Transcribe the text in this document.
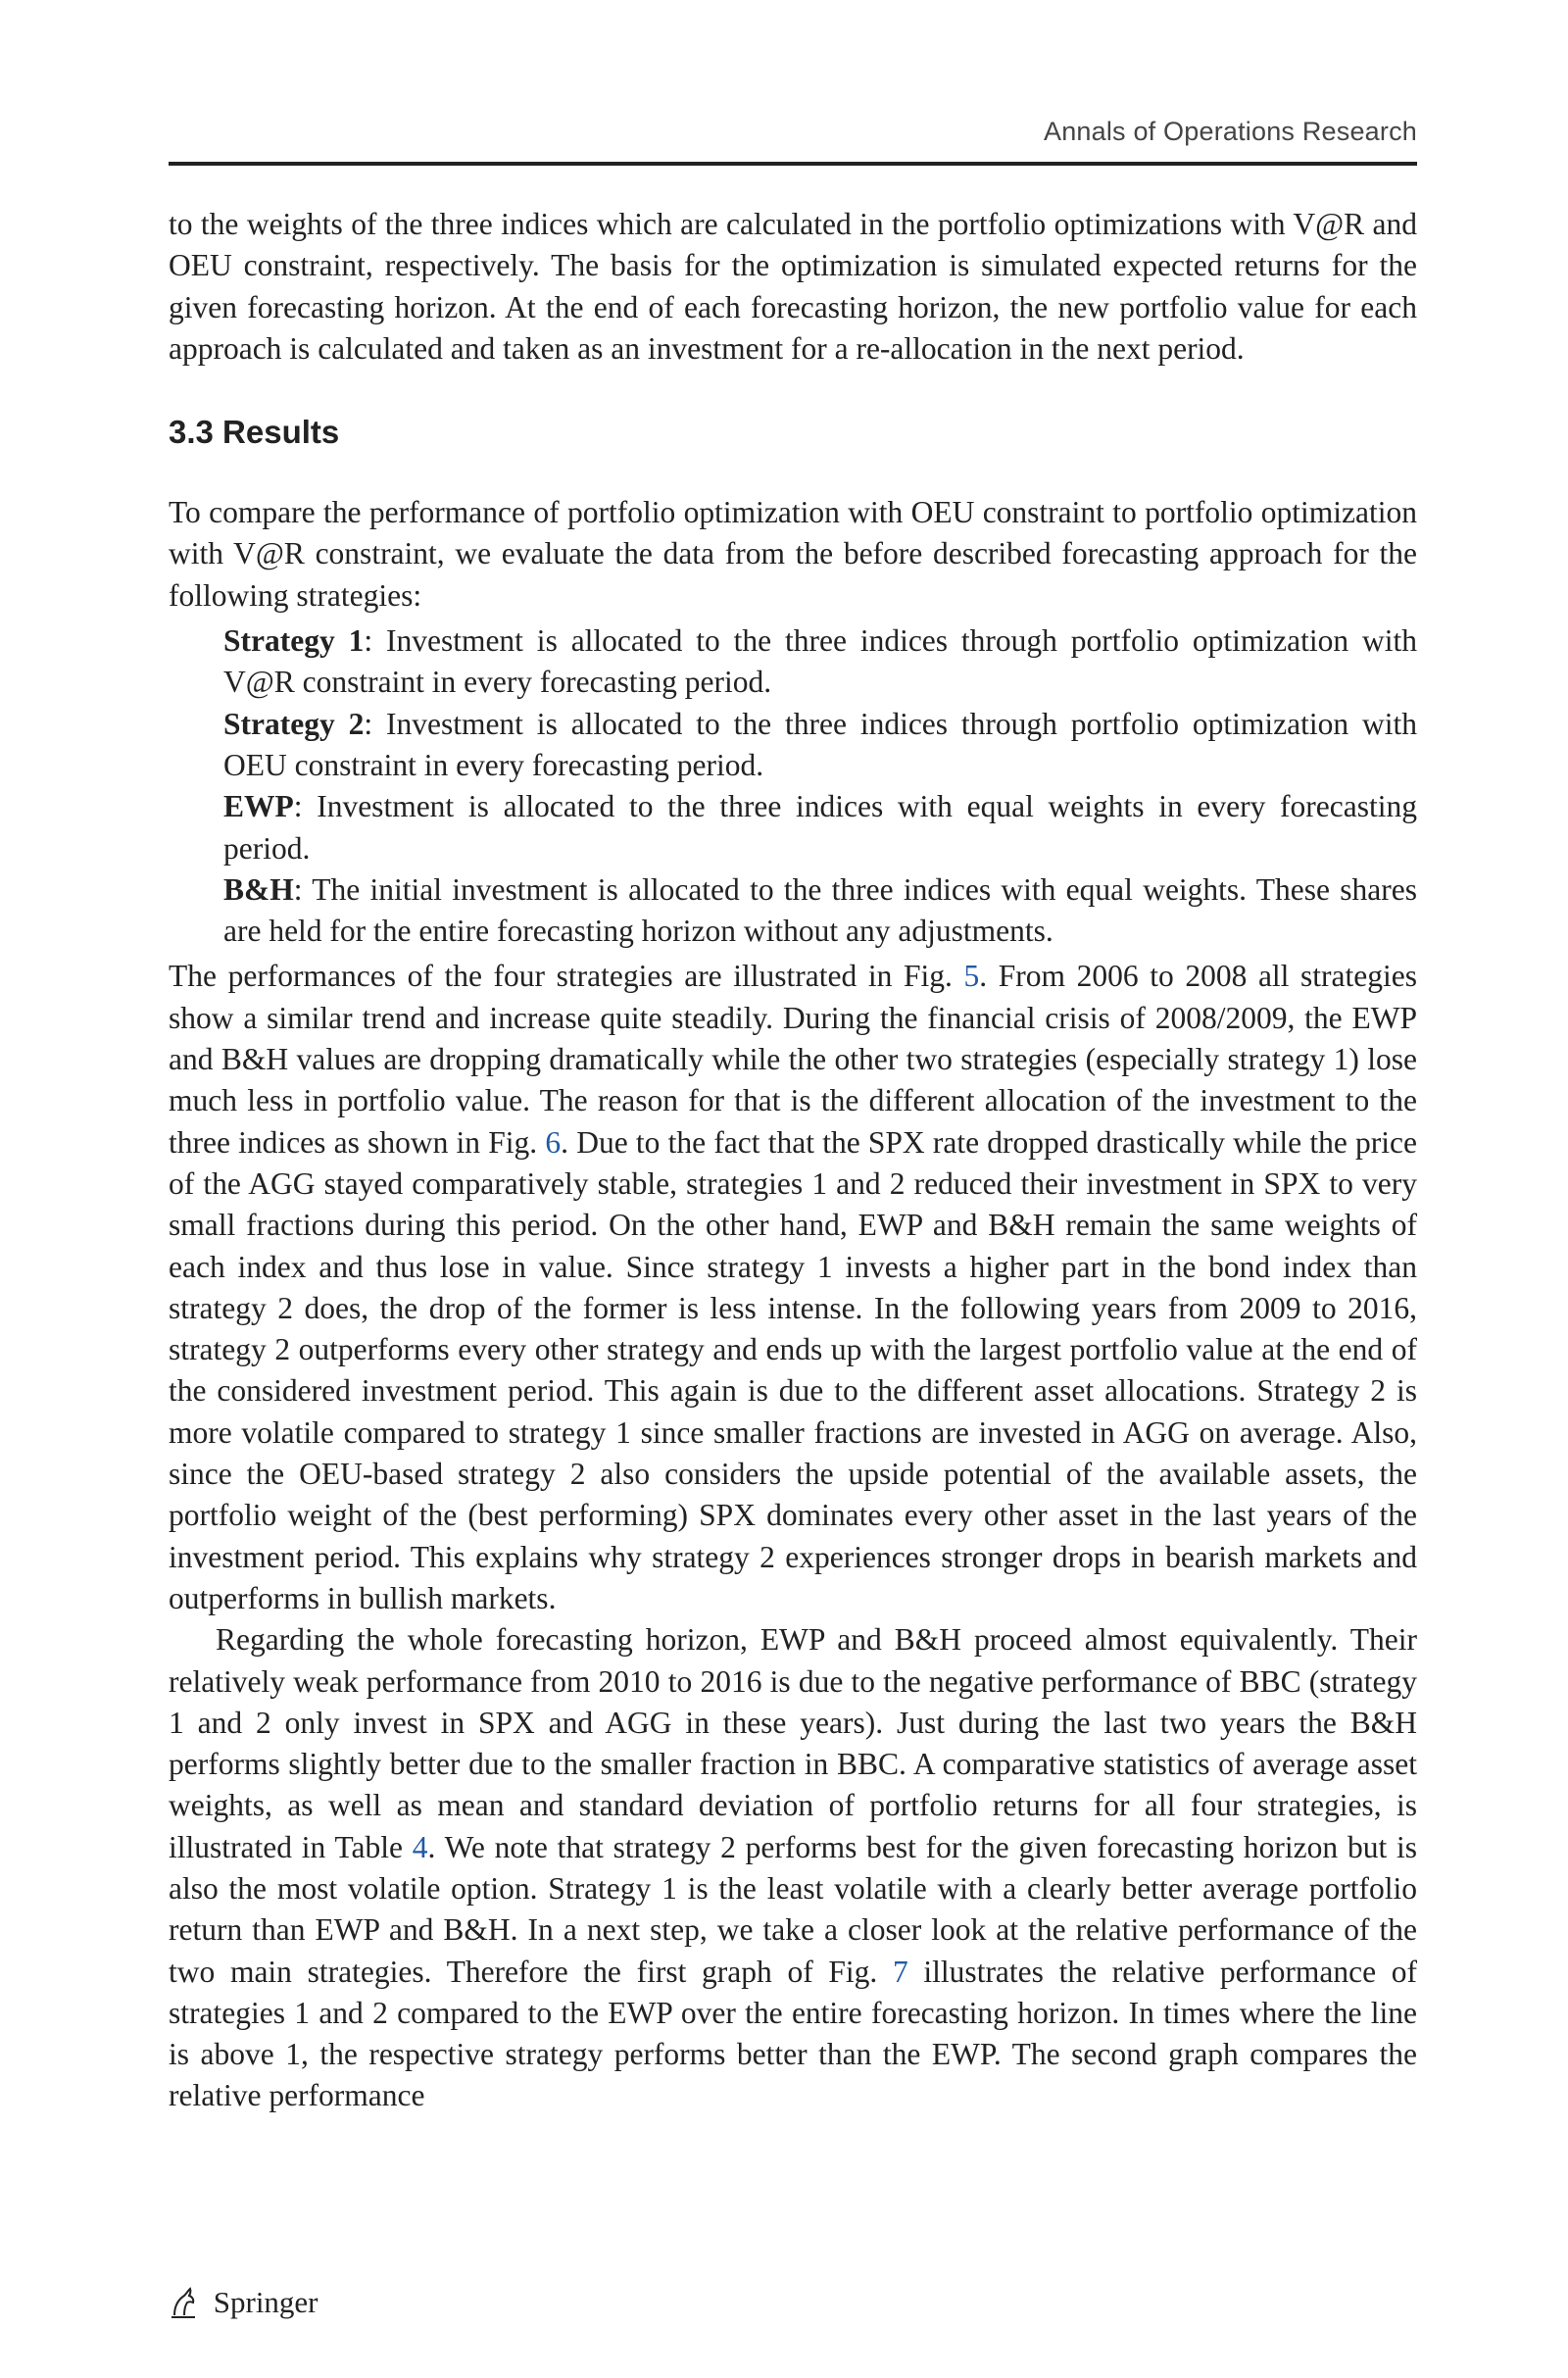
Annals of Operations Research

to the weights of the three indices which are calculated in the portfolio optimizations with V@R and OEU constraint, respectively. The basis for the optimization is simulated expected returns for the given forecasting horizon. At the end of each forecasting horizon, the new portfolio value for each approach is calculated and taken as an investment for a re-allocation in the next period.

3.3 Results

To compare the performance of portfolio optimization with OEU constraint to portfolio optimization with V@R constraint, we evaluate the data from the before described forecasting approach for the following strategies:

Strategy 1: Investment is allocated to the three indices through portfolio optimization with V@R constraint in every forecasting period.

Strategy 2: Investment is allocated to the three indices through portfolio optimization with OEU constraint in every forecasting period.

EWP: Investment is allocated to the three indices with equal weights in every forecasting period.

B&H: The initial investment is allocated to the three indices with equal weights. These shares are held for the entire forecasting horizon without any adjustments.

The performances of the four strategies are illustrated in Fig. 5. From 2006 to 2008 all strategies show a similar trend and increase quite steadily. During the financial crisis of 2008/2009, the EWP and B&H values are dropping dramatically while the other two strategies (especially strategy 1) lose much less in portfolio value. The reason for that is the different allocation of the investment to the three indices as shown in Fig. 6. Due to the fact that the SPX rate dropped drastically while the price of the AGG stayed comparatively stable, strategies 1 and 2 reduced their investment in SPX to very small fractions during this period. On the other hand, EWP and B&H remain the same weights of each index and thus lose in value. Since strategy 1 invests a higher part in the bond index than strategy 2 does, the drop of the former is less intense. In the following years from 2009 to 2016, strategy 2 outperforms every other strategy and ends up with the largest portfolio value at the end of the considered investment period. This again is due to the different asset allocations. Strategy 2 is more volatile compared to strategy 1 since smaller fractions are invested in AGG on average. Also, since the OEU-based strategy 2 also considers the upside potential of the available assets, the portfolio weight of the (best performing) SPX dominates every other asset in the last years of the investment period. This explains why strategy 2 experiences stronger drops in bearish markets and outperforms in bullish markets.

Regarding the whole forecasting horizon, EWP and B&H proceed almost equivalently. Their relatively weak performance from 2010 to 2016 is due to the negative performance of BBC (strategy 1 and 2 only invest in SPX and AGG in these years). Just during the last two years the B&H performs slightly better due to the smaller fraction in BBC. A comparative statistics of average asset weights, as well as mean and standard deviation of portfolio returns for all four strategies, is illustrated in Table 4. We note that strategy 2 performs best for the given forecasting horizon but is also the most volatile option. Strategy 1 is the least volatile with a clearly better average portfolio return than EWP and B&H. In a next step, we take a closer look at the relative performance of the two main strategies. Therefore the first graph of Fig. 7 illustrates the relative performance of strategies 1 and 2 compared to the EWP over the entire forecasting horizon. In times where the line is above 1, the respective strategy performs better than the EWP. The second graph compares the relative performance

Springer
